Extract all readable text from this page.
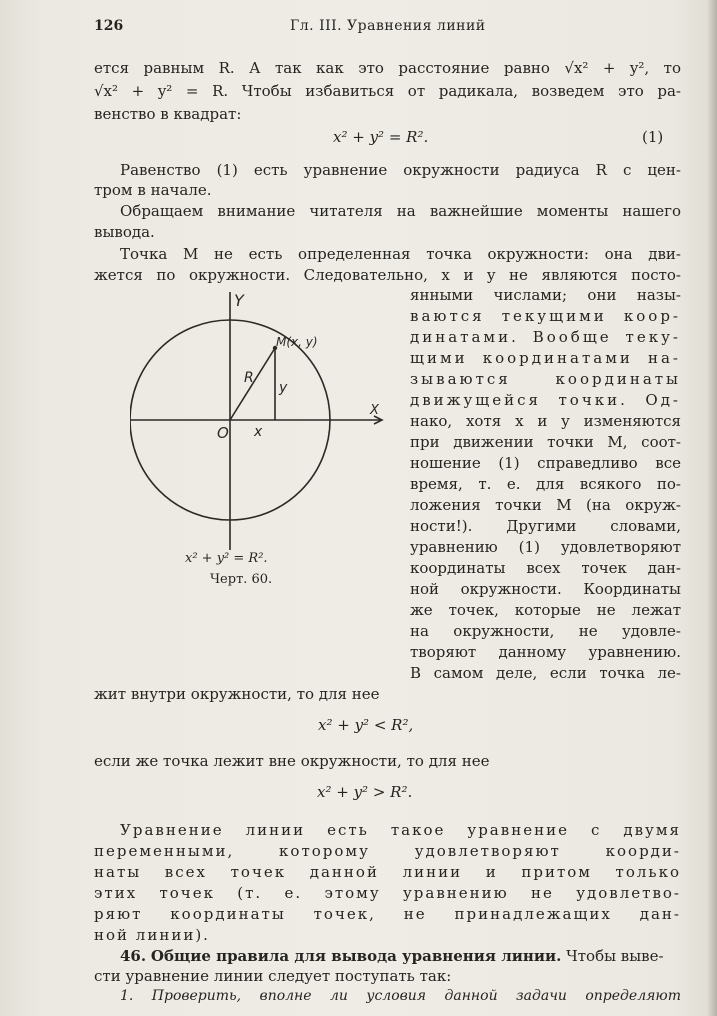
126	Гл. III. Уравнения линий
ется равным R. А так как это расстояние равно √x² + y², то
√x² + y² = R. Чтобы избавиться от радикала, возведем это ра-
венство в квадрат:
x² + y² = R².	(1)
Равенство (1) есть уравнение окружности радиуса R с цен-
тром в начале.
Обращаем внимание читателя на важнейшие моменты нашего
вывода.
Точка M не есть определенная точка окружности: она дви-
жется по окружности. Следовательно, x и y не являются посто-
Y
X
O
M(x, y)
R
y
x
x² + y² = R².
Черт. 60.
янными числами; они назы-
ваются текущими коор-
динатами. Вообще теку-
щими координатами на-
зываются координаты
движущейся точки. Од-
нако, хотя x и y изменяются
при движении точки M, соот-
ношение (1) справедливо все
время, т. е. для всякого по-
ложения точки M (на окруж-
ности!). Другими словами,
уравнению (1) удовлетворяют
координаты всех точек дан-
ной окружности. Координаты
же точек, которые не лежат
на окружности, не удовле-
творяют данному уравнению.
В самом деле, если точка ле-
жит внутри окружности, то для нее
x² + y² < R²,
если же точка лежит вне окружности, то для нее
x² + y² > R².
Уравнение линии есть такое уравнение с двумя
переменными, которому удовлетворяют коорди-
наты всех точек данной линии и притом только
этих точек (т. е. этому уравнению не удовлетво-
ряют координаты точек, не принадлежащих дан-
ной линии).
46. Общие правила для вывода уравнения линии. Чтобы выве-
сти уравнение линии следует поступать так:
1. Проверить, вполне ли условия данной задачи определяют
